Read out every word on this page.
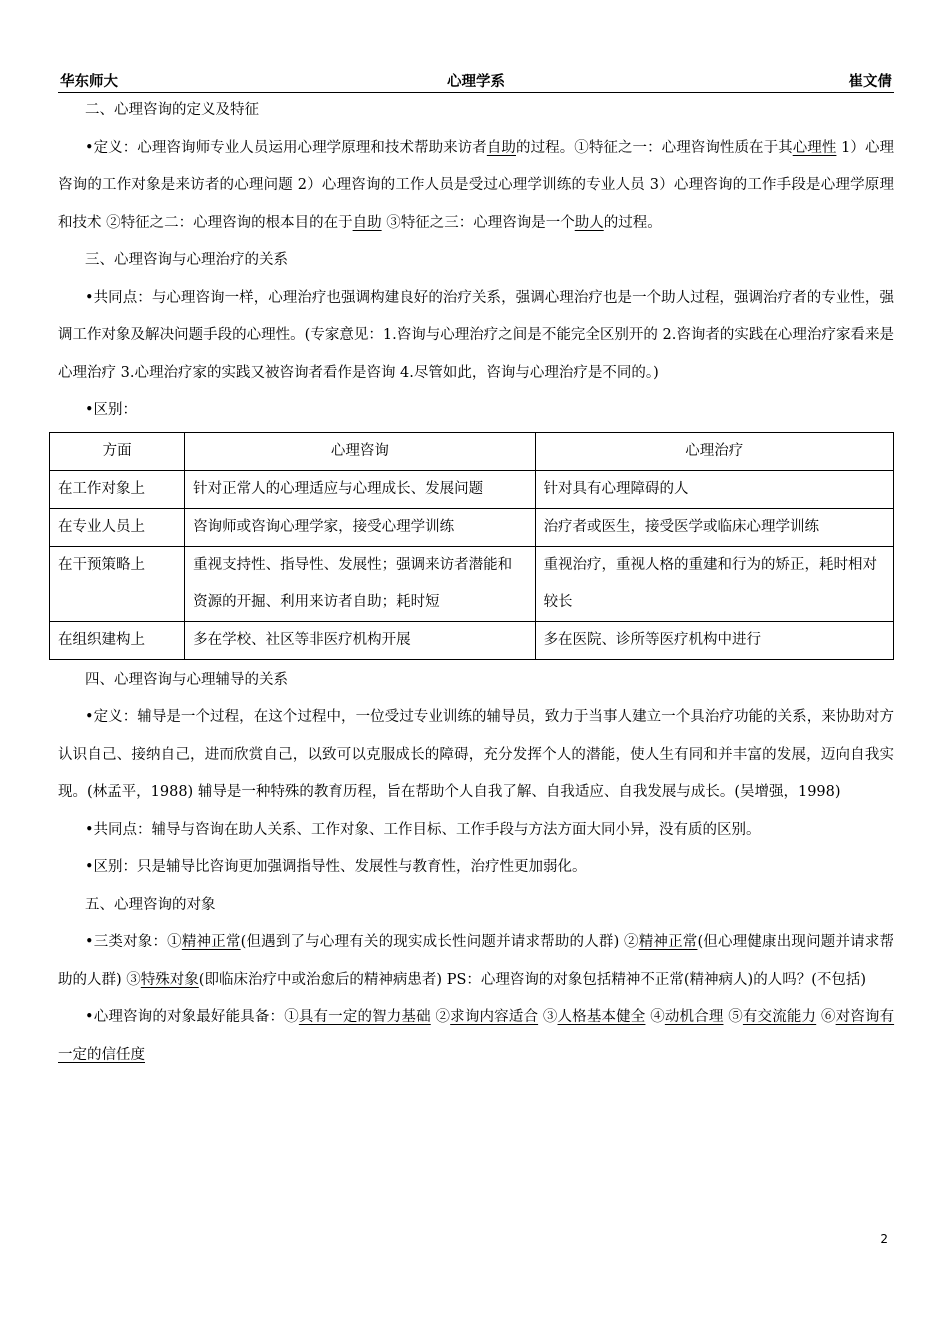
华东师大	心理学系	崔文倩

二、心理咨询的定义及特征

•定义：心理咨询师专业人员运用心理学原理和技术帮助来访者自助的过程。①特征之一：心理咨询性质在于其心理性 1）心理咨询的工作对象是来访者的心理问题 2）心理咨询的工作人员是受过心理学训练的专业人员 3）心理咨询的工作手段是心理学原理和技术 ②特征之二：心理咨询的根本目的在于自助 ③特征之三：心理咨询是一个助人的过程。

三、心理咨询与心理治疗的关系

•共同点：与心理咨询一样，心理治疗也强调构建良好的治疗关系，强调心理治疗也是一个助人过程，强调治疗者的专业性，强调工作对象及解决问题手段的心理性。(专家意见：1.咨询与心理治疗之间是不能完全区别开的 2.咨询者的实践在心理治疗家看来是心理治疗 3.心理治疗家的实践又被咨询者看作是咨询 4.尽管如此，咨询与心理治疗是不同的。)

•区别：

方面	心理咨询	心理治疗
在工作对象上	针对正常人的心理适应与心理成长、发展问题	针对具有心理障碍的人
在专业人员上	咨询师或咨询心理学家，接受心理学训练	治疗者或医生，接受医学或临床心理学训练
在干预策略上	重视支持性、指导性、发展性；强调来访者潜能和资源的开掘、利用来访者自助；耗时短	重视治疗，重视人格的重建和行为的矫正，耗时相对较长
在组织建构上	多在学校、社区等非医疗机构开展	多在医院、诊所等医疗机构中进行

四、心理咨询与心理辅导的关系

•定义：辅导是一个过程，在这个过程中，一位受过专业训练的辅导员，致力于当事人建立一个具治疗功能的关系，来协助对方认识自己、接纳自己，进而欣赏自己，以致可以克服成长的障碍，充分发挥个人的潜能，使人生有同和并丰富的发展，迈向自我实现。(林孟平，1988) 辅导是一种特殊的教育历程，旨在帮助个人自我了解、自我适应、自我发展与成长。(吴增强，1998)

•共同点：辅导与咨询在助人关系、工作对象、工作目标、工作手段与方法方面大同小异，没有质的区别。

•区别：只是辅导比咨询更加强调指导性、发展性与教育性，治疗性更加弱化。

五、心理咨询的对象

•三类对象：①精神正常(但遇到了与心理有关的现实成长性问题并请求帮助的人群) ②精神正常(但心理健康出现问题并请求帮助的人群) ③特殊对象(即临床治疗中或治愈后的精神病患者) PS：心理咨询的对象包括精神不正常(精神病人)的人吗？(不包括)

•心理咨询的对象最好能具备：①具有一定的智力基础 ②求询内容适合 ③人格基本健全 ④动机合理 ⑤有交流能力 ⑥对咨询有一定的信任度

2
